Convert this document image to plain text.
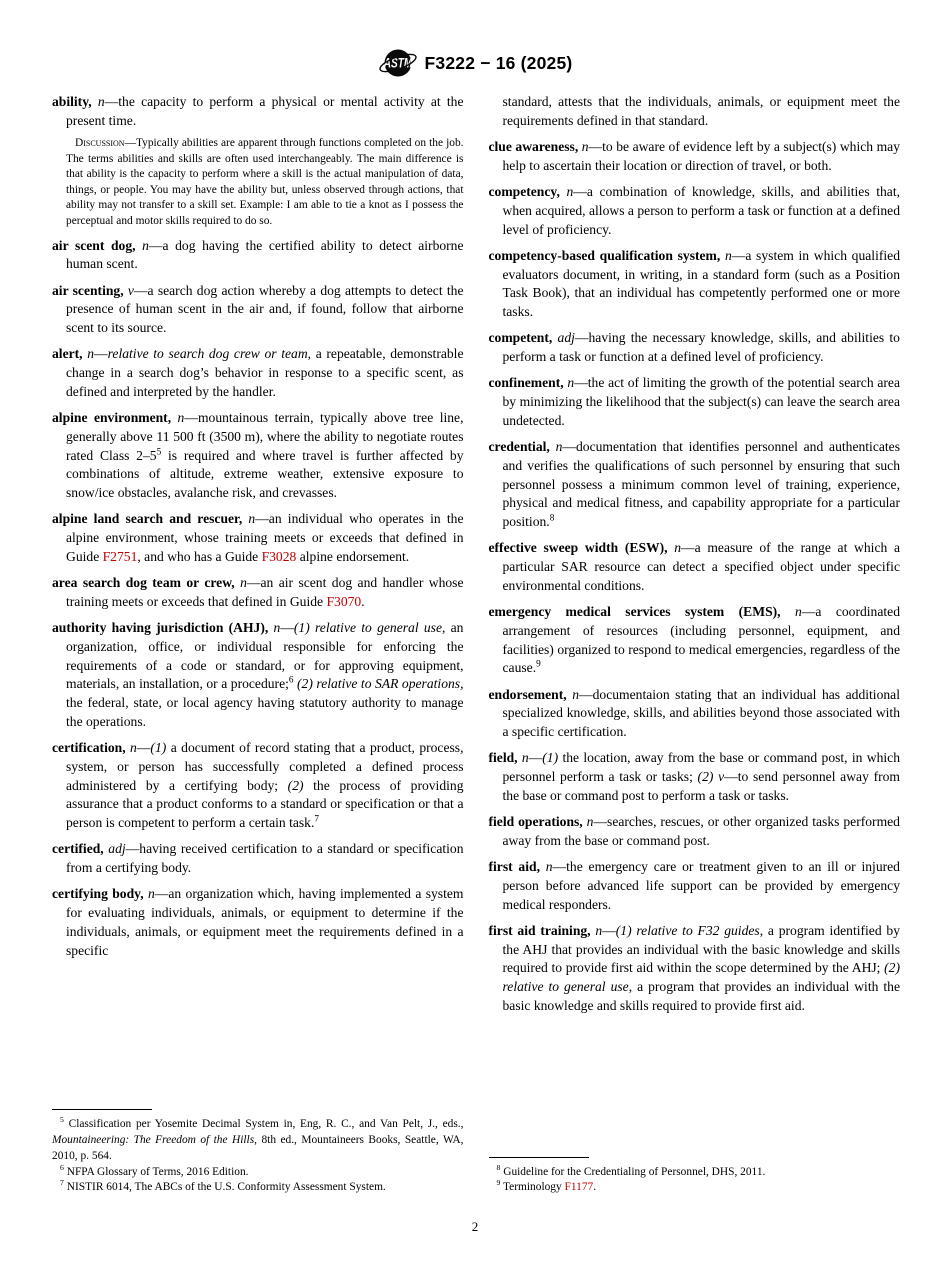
ASTM F3222 − 16 (2025)

ability, n—the capacity to perform a physical or mental activity at the present time.

Discussion—Typically abilities are apparent through functions completed on the job. The terms abilities and skills are often used interchangeably. The main difference is that ability is the capacity to perform where a skill is the actual manipulation of data, things, or people. You may have the ability but, unless observed through actions, that ability may not transfer to a skill set. Example: I am able to tie a knot as I possess the perceptual and motor skills required to do so.

air scent dog, n—a dog having the certified ability to detect airborne human scent.

air scenting, v—a search dog action whereby a dog attempts to detect the presence of human scent in the air and, if found, follow that airborne scent to its source.

alert, n—relative to search dog crew or team, a repeatable, demonstrable change in a search dog’s behavior in response to a specific scent, as defined and interpreted by the handler.

alpine environment, n—mountainous terrain, typically above tree line, generally above 11 500 ft (3500 m), where the ability to negotiate routes rated Class $2-5^5$ is required and where travel is further affected by combinations of altitude, extreme weather, extensive exposure to snow/ice obstacles, avalanche risk, and crevasses.

alpine land search and rescuer, n—an individual who operates in the alpine environment, whose training meets or exceeds that defined in Guide F2751, and who has a Guide F3028 alpine endorsement.

area search dog team or crew, n—an air scent dog and handler whose training meets or exceeds that defined in Guide F3070.

authority having jurisdiction (AHJ), n—(1) relative to general use, an organization, office, or individual responsible for enforcing the requirements of a code or standard, or for approving equipment, materials, an installation, or a procedure;$^6$ (2) relative to SAR operations, the federal, state, or local agency having statutory authority to manage the operations.

certification, n—(1) a document of record stating that a product, process, system, or person has successfully completed a defined process administered by a certifying body; (2) the process of providing assurance that a product conforms to a standard or specification or that a person is competent to perform a certain task.$^7$

certified, adj—having received certification to a standard or specification from a certifying body.

certifying body, n—an organization which, having implemented a system for evaluating individuals, animals, or equipment to determine if the individuals, animals, or equipment meet the requirements defined in a specific

$^5$ Classification per Yosemite Decimal System in, Eng, R. C., and Van Pelt, J., eds., Mountaineering: The Freedom of the Hills, 8th ed., Mountaineers Books, Seattle, WA, 2010, p. 564.

$^6$ NFPA Glossary of Terms, 2016 Edition.

$^7$ NISTIR 6014, The ABCs of the U.S. Conformity Assessment System.

standard, attests that the individuals, animals, or equipment meet the requirements defined in that standard.

clue awareness, n—to be aware of evidence left by a subject(s) which may help to ascertain their location or direction of travel, or both.

competency, n—a combination of knowledge, skills, and abilities that, when acquired, allows a person to perform a task or function at a defined level of proficiency.

competency-based qualification system, n—a system in which qualified evaluators document, in writing, in a standard form (such as a Position Task Book), that an individual has competently performed one or more tasks.

competent, adj—having the necessary knowledge, skills, and abilities to perform a task or function at a defined level of proficiency.

confinement, n—the act of limiting the growth of the potential search area by minimizing the likelihood that the subject(s) can leave the search area undetected.

credential, n—documentation that identifies personnel and authenticates and verifies the qualifications of such personnel by ensuring that such personnel possess a minimum common level of training, experience, physical and medical fitness, and capability appropriate for a particular position.$^8$

effective sweep width (ESW), n—a measure of the range at which a particular SAR resource can detect a specified object under specific environmental conditions.

emergency medical services system (EMS), n—a coordinated arrangement of resources (including personnel, equipment, and facilities) organized to respond to medical emergencies, regardless of the cause.$^9$

endorsement, n—documentaion stating that an individual has additional specialized knowledge, skills, and abilities beyond those associated with a specific certification.

field, n—(1) the location, away from the base or command post, in which personnel perform a task or tasks; (2) v—to send personnel away from the base or command post to perform a task or tasks.

field operations, n—searches, rescues, or other organized tasks performed away from the base or command post.

first aid, n—the emergency care or treatment given to an ill or injured person before advanced life support can be provided by emergency medical responders.

first aid training, n—(1) relative to F32 guides, a program identified by the AHJ that provides an individual with the basic knowledge and skills required to provide first aid within the scope determined by the AHJ; (2) relative to general use, a program that provides an individual with the basic knowledge and skills required to provide first aid.

$^8$ Guideline for the Credentialing of Personnel, DHS, 2011.

$^9$ Terminology F1177.

2
